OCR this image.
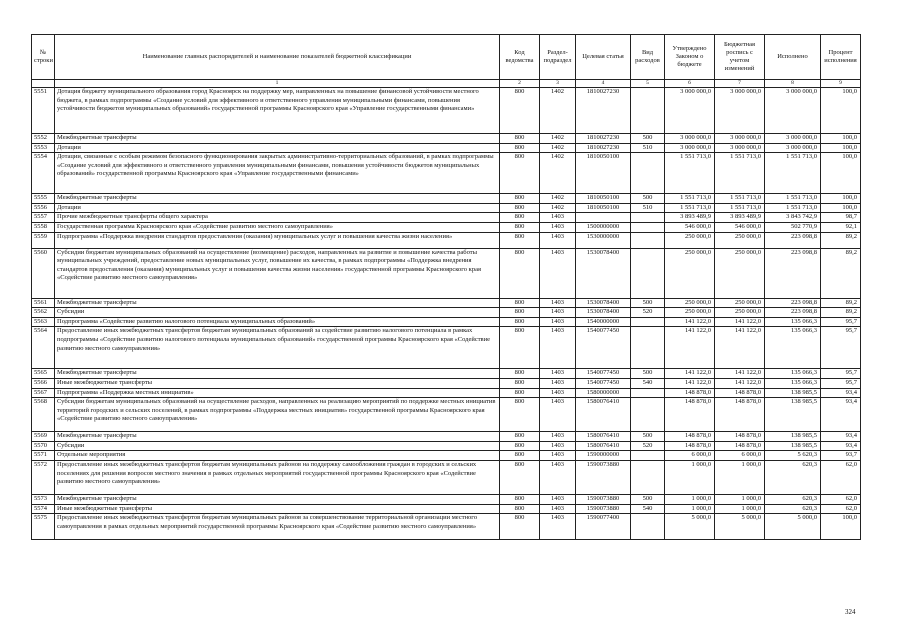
№ строки	Наименование главных распорядителей и наименование показателей бюджетной классификации	Код ведомства	Раздел-подраздел	Целевая статья	Вид расходов	Утверждено Законом о бюджете	Бюджетная роспись с учетом изменений	Исполнено	Процент исполнения
	1	2	3	4	5	6	7	8	9
5551	Дотация бюджету муниципального образования город Красноярск на поддержку мер, направленных на повышение финансовой устойчивости местного бюджета, в рамках подпрограммы «Создание условий для эффективного и ответственного управления муниципальными финансами, повышения устойчивости бюджетов муниципальных образований» государственной программы Красноярского края «Управление государственными финансами»	800	1402	1810027230		3 000 000,0	3 000 000,0	3 000 000,0	100,0
5552	Межбюджетные трансферты	800	1402	1810027230	500	3 000 000,0	3 000 000,0	3 000 000,0	100,0
5553	Дотации	800	1402	1810027230	510	3 000 000,0	3 000 000,0	3 000 000,0	100,0
5554	Дотации, связанные с особым режимом безопасного функционирования закрытых административно-территориальных образований, в рамках подпрограммы «Создание условий для эффективного и ответственного управления муниципальными финансами, повышения устойчивости бюджетов муниципальных образований» государственной программы Красноярского края «Управление государственными финансами»	800	1402	1810050100		1 551 713,0	1 551 713,0	1 551 713,0	100,0
5555	Межбюджетные трансферты	800	1402	1810050100	500	1 551 713,0	1 551 713,0	1 551 713,0	100,0
5556	Дотации	800	1402	1810050100	510	1 551 713,0	1 551 713,0	1 551 713,0	100,0
5557	Прочие межбюджетные трансферты общего характера	800	1403			3 893 489,9	3 893 489,9	3 843 742,9	98,7
5558	Государственная программа Красноярского края «Содействие развитию местного самоуправления»	800	1403	1500000000		546 000,0	546 000,0	502 770,9	92,1
5559	Подпрограмма «Поддержка внедрения стандартов предоставления (оказания) муниципальных услуг и повышения качества жизни населения»	800	1403	1530000000		250 000,0	250 000,0	223 098,8	89,2
5560	Субсидии бюджетам муниципальных образований на осуществление (возмещение) расходов, направленных на развитие и повышение качества работы муниципальных учреждений, предоставление новых муниципальных услуг, повышение их качества, в рамках подпрограммы «Поддержка внедрения стандартов предоставления (оказания) муниципальных услуг и повышения качества жизни населения» государственной программы Красноярского края «Содействие развитию местного самоуправления»	800	1403	1530078400		250 000,0	250 000,0	223 098,8	89,2
5561	Межбюджетные трансферты	800	1403	1530078400	500	250 000,0	250 000,0	223 098,8	89,2
5562	Субсидии	800	1403	1530078400	520	250 000,0	250 000,0	223 098,8	89,2
5563	Подпрограмма «Содействие развитию налогового потенциала муниципальных образований»	800	1403	1540000000		141 122,0	141 122,0	135 066,3	95,7
5564	Предоставление иных межбюджетных трансфертов бюджетам муниципальных образований за содействие развитию налогового потенциала в рамках подпрограммы «Содействие развитию налогового потенциала муниципальных образований» государственной программы Красноярского края «Содействие развитию местного самоуправления»	800	1403	1540077450		141 122,0	141 122,0	135 066,3	95,7
5565	Межбюджетные трансферты	800	1403	1540077450	500	141 122,0	141 122,0	135 066,3	95,7
5566	Иные межбюджетные трансферты	800	1403	1540077450	540	141 122,0	141 122,0	135 066,3	95,7
5567	Подпрограмма «Поддержка местных инициатив»	800	1403	1580000000		148 878,0	148 878,0	138 985,5	93,4
5568	Субсидии бюджетам муниципальных образований на осуществление расходов, направленных на реализацию мероприятий по поддержке местных инициатив территорий городских и сельских поселений, в рамках подпрограммы «Поддержка местных инициатив» государственной программы Красноярского края «Содействие развитию местного самоуправления»	800	1403	1580076410		148 878,0	148 878,0	138 985,5	93,4
5569	Межбюджетные трансферты	800	1403	1580076410	500	148 878,0	148 878,0	138 985,5	93,4
5570	Субсидии	800	1403	1580076410	520	148 878,0	148 878,0	138 985,5	93,4
5571	Отдельные мероприятия	800	1403	1590000000		6 000,0	6 000,0	5 620,3	93,7
5572	Предоставление иных межбюджетных трансфертов бюджетам муниципальных районов на поддержку самообложения граждан в городских и сельских поселениях для решения вопросов местного значения в рамках отдельных мероприятий государственной программы Красноярского края «Содействие развитию местного самоуправления»	800	1403	1590073880		1 000,0	1 000,0	620,3	62,0
5573	Межбюджетные трансферты	800	1403	1590073880	500	1 000,0	1 000,0	620,3	62,0
5574	Иные межбюджетные трансферты	800	1403	1590073880	540	1 000,0	1 000,0	620,3	62,0
5575	Предоставление иных межбюджетных трансфертов бюджетам муниципальных районов за совершенствование территориальной организации местного самоуправления в рамках отдельных мероприятий государственной программы Красноярского края «Содействие развитию местного самоуправления»	800	1403	1590077400		5 000,0	5 000,0	5 000,0	100,0
324
